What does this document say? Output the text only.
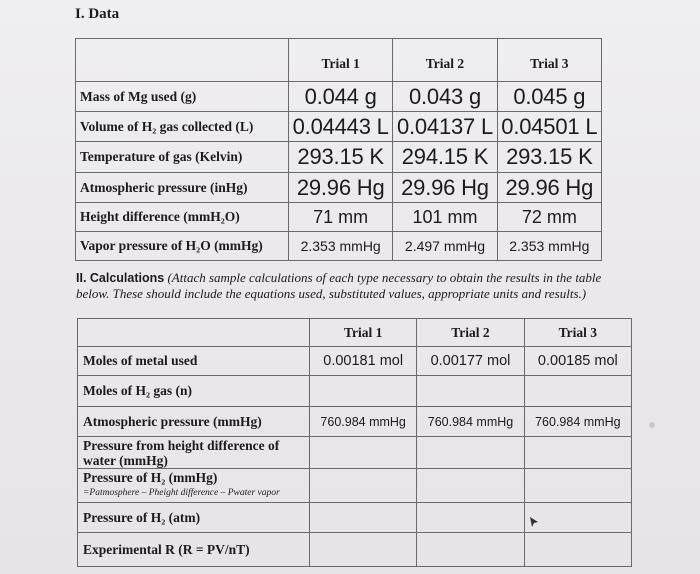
I. Data
	Trial 1	Trial 2	Trial 3
Mass of Mg used (g)	0.044 g	0.043 g	0.045 g
Volume of H₂ gas collected (L)	0.04443 L	0.04137 L	0.04501 L
Temperature of gas (Kelvin)	293.15 K	294.15 K	293.15 K
Atmospheric pressure (inHg)	29.96 Hg	29.96 Hg	29.96 Hg
Height difference (mmH₂O)	71 mm	101 mm	72 mm
Vapor pressure of H₂O (mmHg)	2.353 mmHg	2.497 mmHg	2.353 mmHg
II. Calculations (Attach sample calculations of each type necessary to obtain the results in the table below. These should include the equations used, substituted values, appropriate units and results.)
	Trial 1	Trial 2	Trial 3
Moles of metal used	0.00181 mol	0.00177 mol	0.00185 mol
Moles of H₂ gas (n)			
Atmospheric pressure (mmHg)	760.984 mmHg	760.984 mmHg	760.984 mmHg
Pressure from height difference of water (mmHg)			
Pressure of H₂ (mmHg)
=Patmosphere – Pheight difference – Pwater vapor			

Pressure of H₂ (atm)			
Experimental R (R = PV/nT)			
